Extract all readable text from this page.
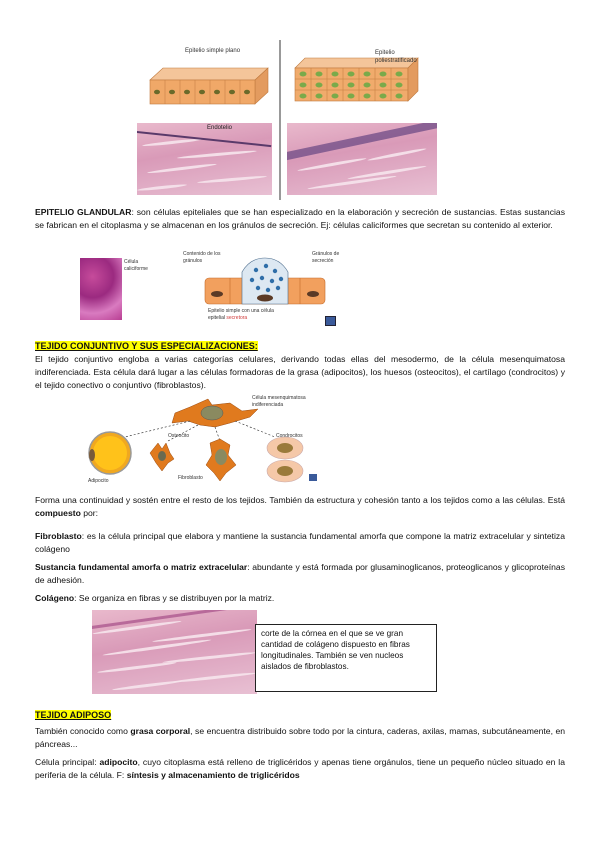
Epitelio simple plano	Epitelio
poliestratificado
Endotelio

EPITELIO GLANDULAR: son células epiteliales que se han especializado en la elaboración y secreción de sustancias. Estas sustancias se fabrican en el citoplasma y se almacenan en los gránulos de secreción. Ej: células caliciformes que secretan su contenido al exterior.

Célula
caliciforme
Contenido de los
gránulos
Gránulos de
secreción
Epitelio simple con una célula
epitelial secretora
TEJIDO CONJUNTIVO Y SUS ESPECIALIZACIONES:

El tejido conjuntivo engloba a varias categorías celulares, derivando todas ellas del mesodermo, de la célula mesenquimatosa indiferenciada. Esta célula dará lugar a las células formadoras de la grasa (adipocitos), los huesos (osteocitos), el cartílago (condrocitos) y el tejido conectivo o conjuntivo (fibroblastos).

Célula mesenquimatosa
indiferenciada
Adipocito
Osteocito
Fibroblasto
Condrocitos

Forma una continuidad y sostén entre el resto de los tejidos. También da estructura y cohesión tanto a los tejidos como a las células. Está compuesto por:

Fibroblasto: es la célula principal que elabora y mantiene la sustancia fundamental amorfa que compone la matriz extracelular y sintetiza colágeno

Sustancia fundamental amorfa o matriz extracelular: abundante y está formada por glusaminoglicanos, proteoglicanos y glicoproteínas de adhesión.

Colágeno: Se organiza en fibras y se distribuyen por la matriz.

corte de la córnea en el que se ve gran cantidad de colágeno dispuesto en fibras longitudinales. También se ven nucleos aislados de fibroblastos.
TEJIDO ADIPOSO

También conocido como grasa corporal, se encuentra distribuido sobre todo por la cintura, caderas, axilas, mamas, subcutáneamente, en páncreas...

Célula principal: adipocito, cuyo citoplasma está relleno de triglicéridos y apenas tiene orgánulos, tiene un pequeño núcleo situado en la periferia de la célula. F: síntesis y almacenamiento de triglicéridos
